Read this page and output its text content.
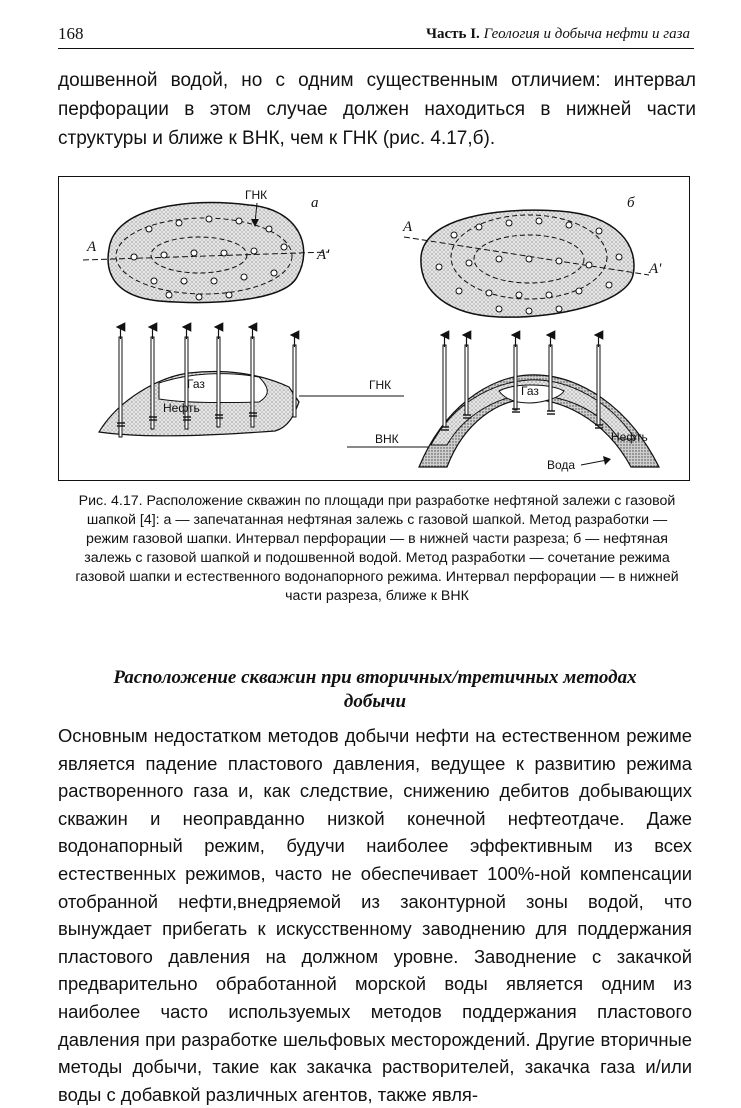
168	Часть I. Геология и добыча нефти и газа
дошвенной водой, но с одним существенным отличием: интервал перфорации в этом случае должен находиться в нижней части структуры и ближе к ВНК, чем к ГНК (рис. 4.17,б).
а
ГНК
А	А'
Газ
Нефть
ГНК
ВНК
б
А
А'
Газ
Нефть
Вода
Рис. 4.17. Расположение скважин по площади при разработке нефтяной залежи с газовой шапкой [4]: а — запечатанная нефтяная залежь с газовой шапкой. Метод разработки — режим газовой шапки. Интервал перфорации — в нижней части разреза; б — нефтяная залежь с газовой шапкой и подошвенной водой. Метод разработки — сочетание режима газовой шапки и естественного водонапорного режима. Интервал перфорации — в нижней части разреза, ближе к ВНК
Расположение скважин при вторичных/третичных методах добычи
Основным недостатком методов добычи нефти на естественном режиме является падение пластового давления, ведущее к развитию режима растворенного газа и, как следствие, снижению дебитов добывающих скважин и неоправданно низкой конечной нефтеотдаче. Даже водонапорный режим, будучи наиболее эффективным из всех естественных режимов, часто не обеспечивает 100%-ной компенсации отобранной нефти,внедряемой из законтурной зоны водой, что вынуждает прибегать к искусственному заводнению для поддержания пластового давления на должном уровне. Заводнение с закачкой предварительно обработанной морской воды является одним из наиболее часто используемых методов поддержания пластового давления при разработке шельфовых месторождений. Другие вторичные методы добычи, такие как закачка растворителей, закачка газа и/или воды с добавкой различных агентов, также явля-
